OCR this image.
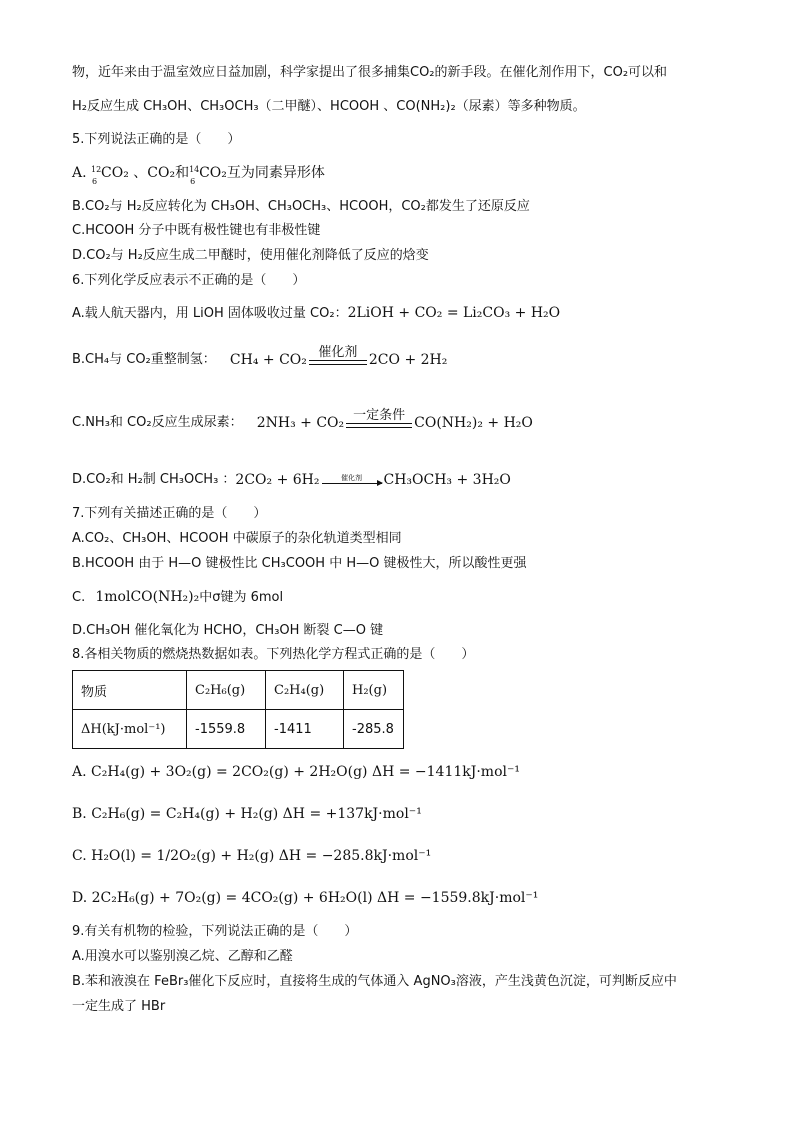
物，近年来由于温室效应日益加剧，科学家提出了很多捕集CO₂的新手段。在催化剂作用下，CO₂可以和
H₂反应生成 CH₃OH、CH₃OCH₃（二甲醚）、HCOOH 、CO(NH₂)₂（尿素）等多种物质。
5.下列说法正确的是（　　）
A. 12
6
CO₂ 、CO₂和 14
6
CO₂互为同素异形体
B.CO₂与 H₂反应转化为 CH₃OH、CH₃OCH₃、HCOOH，CO₂都发生了还原反应
C.HCOOH 分子中既有极性键也有非极性键
D.CO₂与 H₂反应生成二甲醚时，使用催化剂降低了反应的焓变
6.下列化学反应表示不正确的是（　　）
A.载人航天器内，用 LiOH 固体吸收过量 CO₂：2LiOH + CO₂ = Li₂CO₃ + H₂O
B.CH₄与 CO₂重整制氢： CH₄ + CO₂ 催化剂 2CO + 2H₂
C.NH₃和 CO₂反应生成尿素： 2NH₃ + CO₂ 一定条件 CO(NH₂)₂ + H₂O
D.CO₂和 H₂制 CH₃OCH₃ ：2CO₂ + 6H₂	催化剂	CH₃OCH₃ + 3H₂O
7.下列有关描述正确的是（　　）
A.CO₂、CH₃OH、HCOOH 中碳原子的杂化轨道类型相同
B.HCOOH 由于 H—O 键极性比 CH₃COOH 中 H—O 键极性大，所以酸性更强
C. 1molCO(NH₂)₂中σ键为 6mol
D.CH₃OH 催化氧化为 HCHO，CH₃OH 断裂 C—O 键
8.各相关物质的燃烧热数据如表。下列热化学方程式正确的是（　　）
物质	C₂H₆(g)	C₂H₄(g)	H₂(g)
ΔH(kJ·mol⁻¹)	-1559.8	-1411	-285.8
A. C₂H₄(g) + 3O₂(g) = 2CO₂(g) + 2H₂O(g) ΔH = −1411kJ·mol⁻¹
B. C₂H₆(g) = C₂H₄(g) + H₂(g) ΔH = +137kJ·mol⁻¹
C. H₂O(l) = 1/2O₂(g) + H₂(g) ΔH = −285.8kJ·mol⁻¹
D. 2C₂H₆(g) + 7O₂(g) = 4CO₂(g) + 6H₂O(l) ΔH = −1559.8kJ·mol⁻¹
9.有关有机物的检验，下列说法正确的是（　　）
A.用溴水可以鉴别溴乙烷、乙醇和乙醛
B.苯和液溴在 FeBr₃催化下反应时，直接将生成的气体通入 AgNO₃溶液，产生浅黄色沉淀，可判断反应中
一定生成了 HBr
